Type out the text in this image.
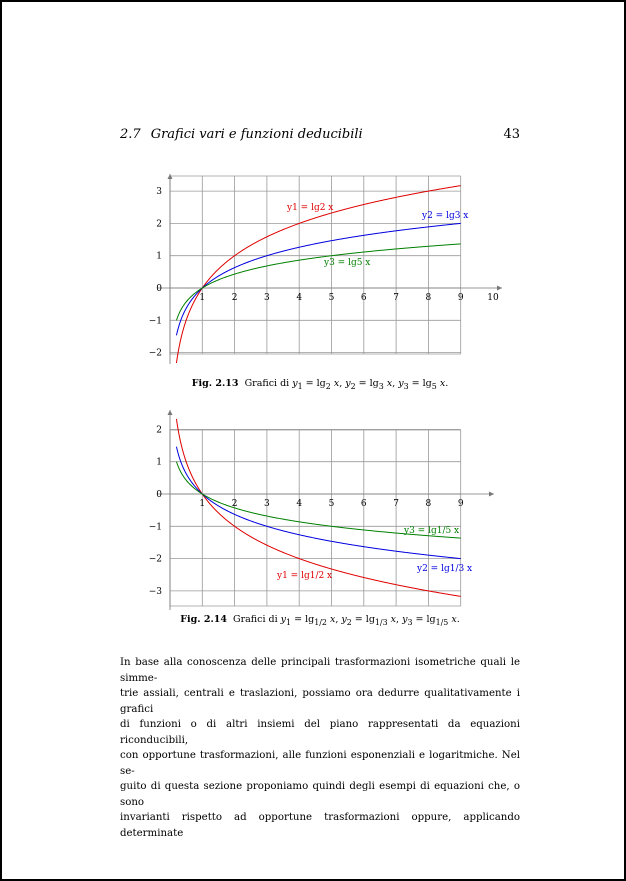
2.7 Grafici vari e funzioni deducibili	43
1	2	3	4	5	6	7	8	9	10
−2
−1
0
1
2
3
y1 = lg2 x
y2 = lg3 x
y3 = lg5 x
Fig. 2.13  Grafici di $y_1 = \lg_2 x$, $y_2 = \lg_3 x$, $y_3 = \lg_5 x$.
1	2	3	4	5	6	7	8	9
−3
−2
−1
0
1
2
y1 = lg1/2 x
y2 = lg1/3 x
y3 = lg1/5 x
Fig. 2.14  Grafici di $y_1 = \lg_{1/2} x$, $y_2 = \lg_{1/3} x$, $y_3 = \lg_{1/5} x$.
In base alla conoscenza delle principali trasformazioni isometriche quali le simme-
trie assiali, centrali e traslazioni, possiamo ora dedurre qualitativamente i grafici
di funzioni o di altri insiemi del piano rappresentati da equazioni riconducibili,
con opportune trasformazioni, alle funzioni esponenziali e logaritmiche. Nel se-
guito di questa sezione proponiamo quindi degli esempi di equazioni che, o sono
invarianti rispetto ad opportune trasformazioni oppure, applicando determinate
